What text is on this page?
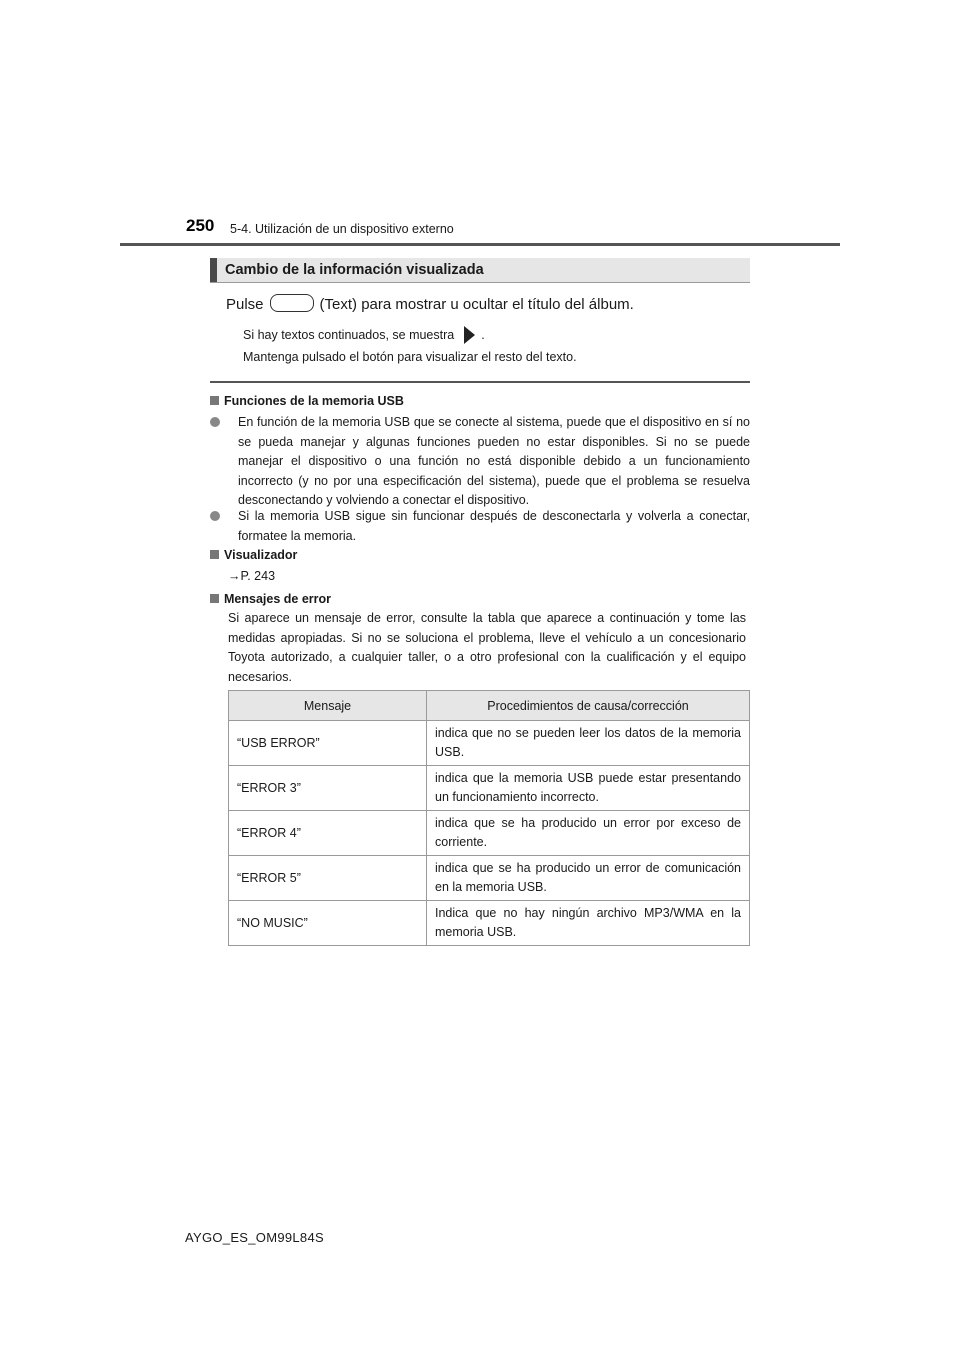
250 5-4. Utilización de un dispositivo externo
Cambio de la información visualizada
Pulse	(Text) para mostrar u ocultar el título del álbum.
Si hay textos continuados, se muestra .
Mantenga pulsado el botón para visualizar el resto del texto.
Funciones de la memoria USB
En función de la memoria USB que se conecte al sistema, puede que el dispositivo en sí no se pueda manejar y algunas funciones pueden no estar disponibles. Si no se puede manejar el dispositivo o una función no está disponible debido a un funcionamiento incorrecto (y no por una especificación del sistema), puede que el problema se resuelva desconectando y volviendo a conectar el dispositivo.
Si la memoria USB sigue sin funcionar después de desconectarla y volverla a conectar, formatee la memoria.
Visualizador
→P. 243
Mensajes de error
Si aparece un mensaje de error, consulte la tabla que aparece a continuación y tome las medidas apropiadas. Si no se soluciona el problema, lleve el vehículo a un concesionario Toyota autorizado, a cualquier taller, o a otro profesional con la cualificación y el equipo necesarios.
Mensaje	Procedimientos de causa/corrección
“USB ERROR”	indica que no se pueden leer los datos de la memoria USB.
“ERROR 3”	indica que la memoria USB puede estar presentando un funcionamiento incorrecto.
“ERROR 4”	indica que se ha producido un error por exceso de corriente.
“ERROR 5”	indica que se ha producido un error de comunicación en la memoria USB.
“NO MUSIC”	Indica que no hay ningún archivo MP3/WMA en la memoria USB.
AYGO_ES_OM99L84S
